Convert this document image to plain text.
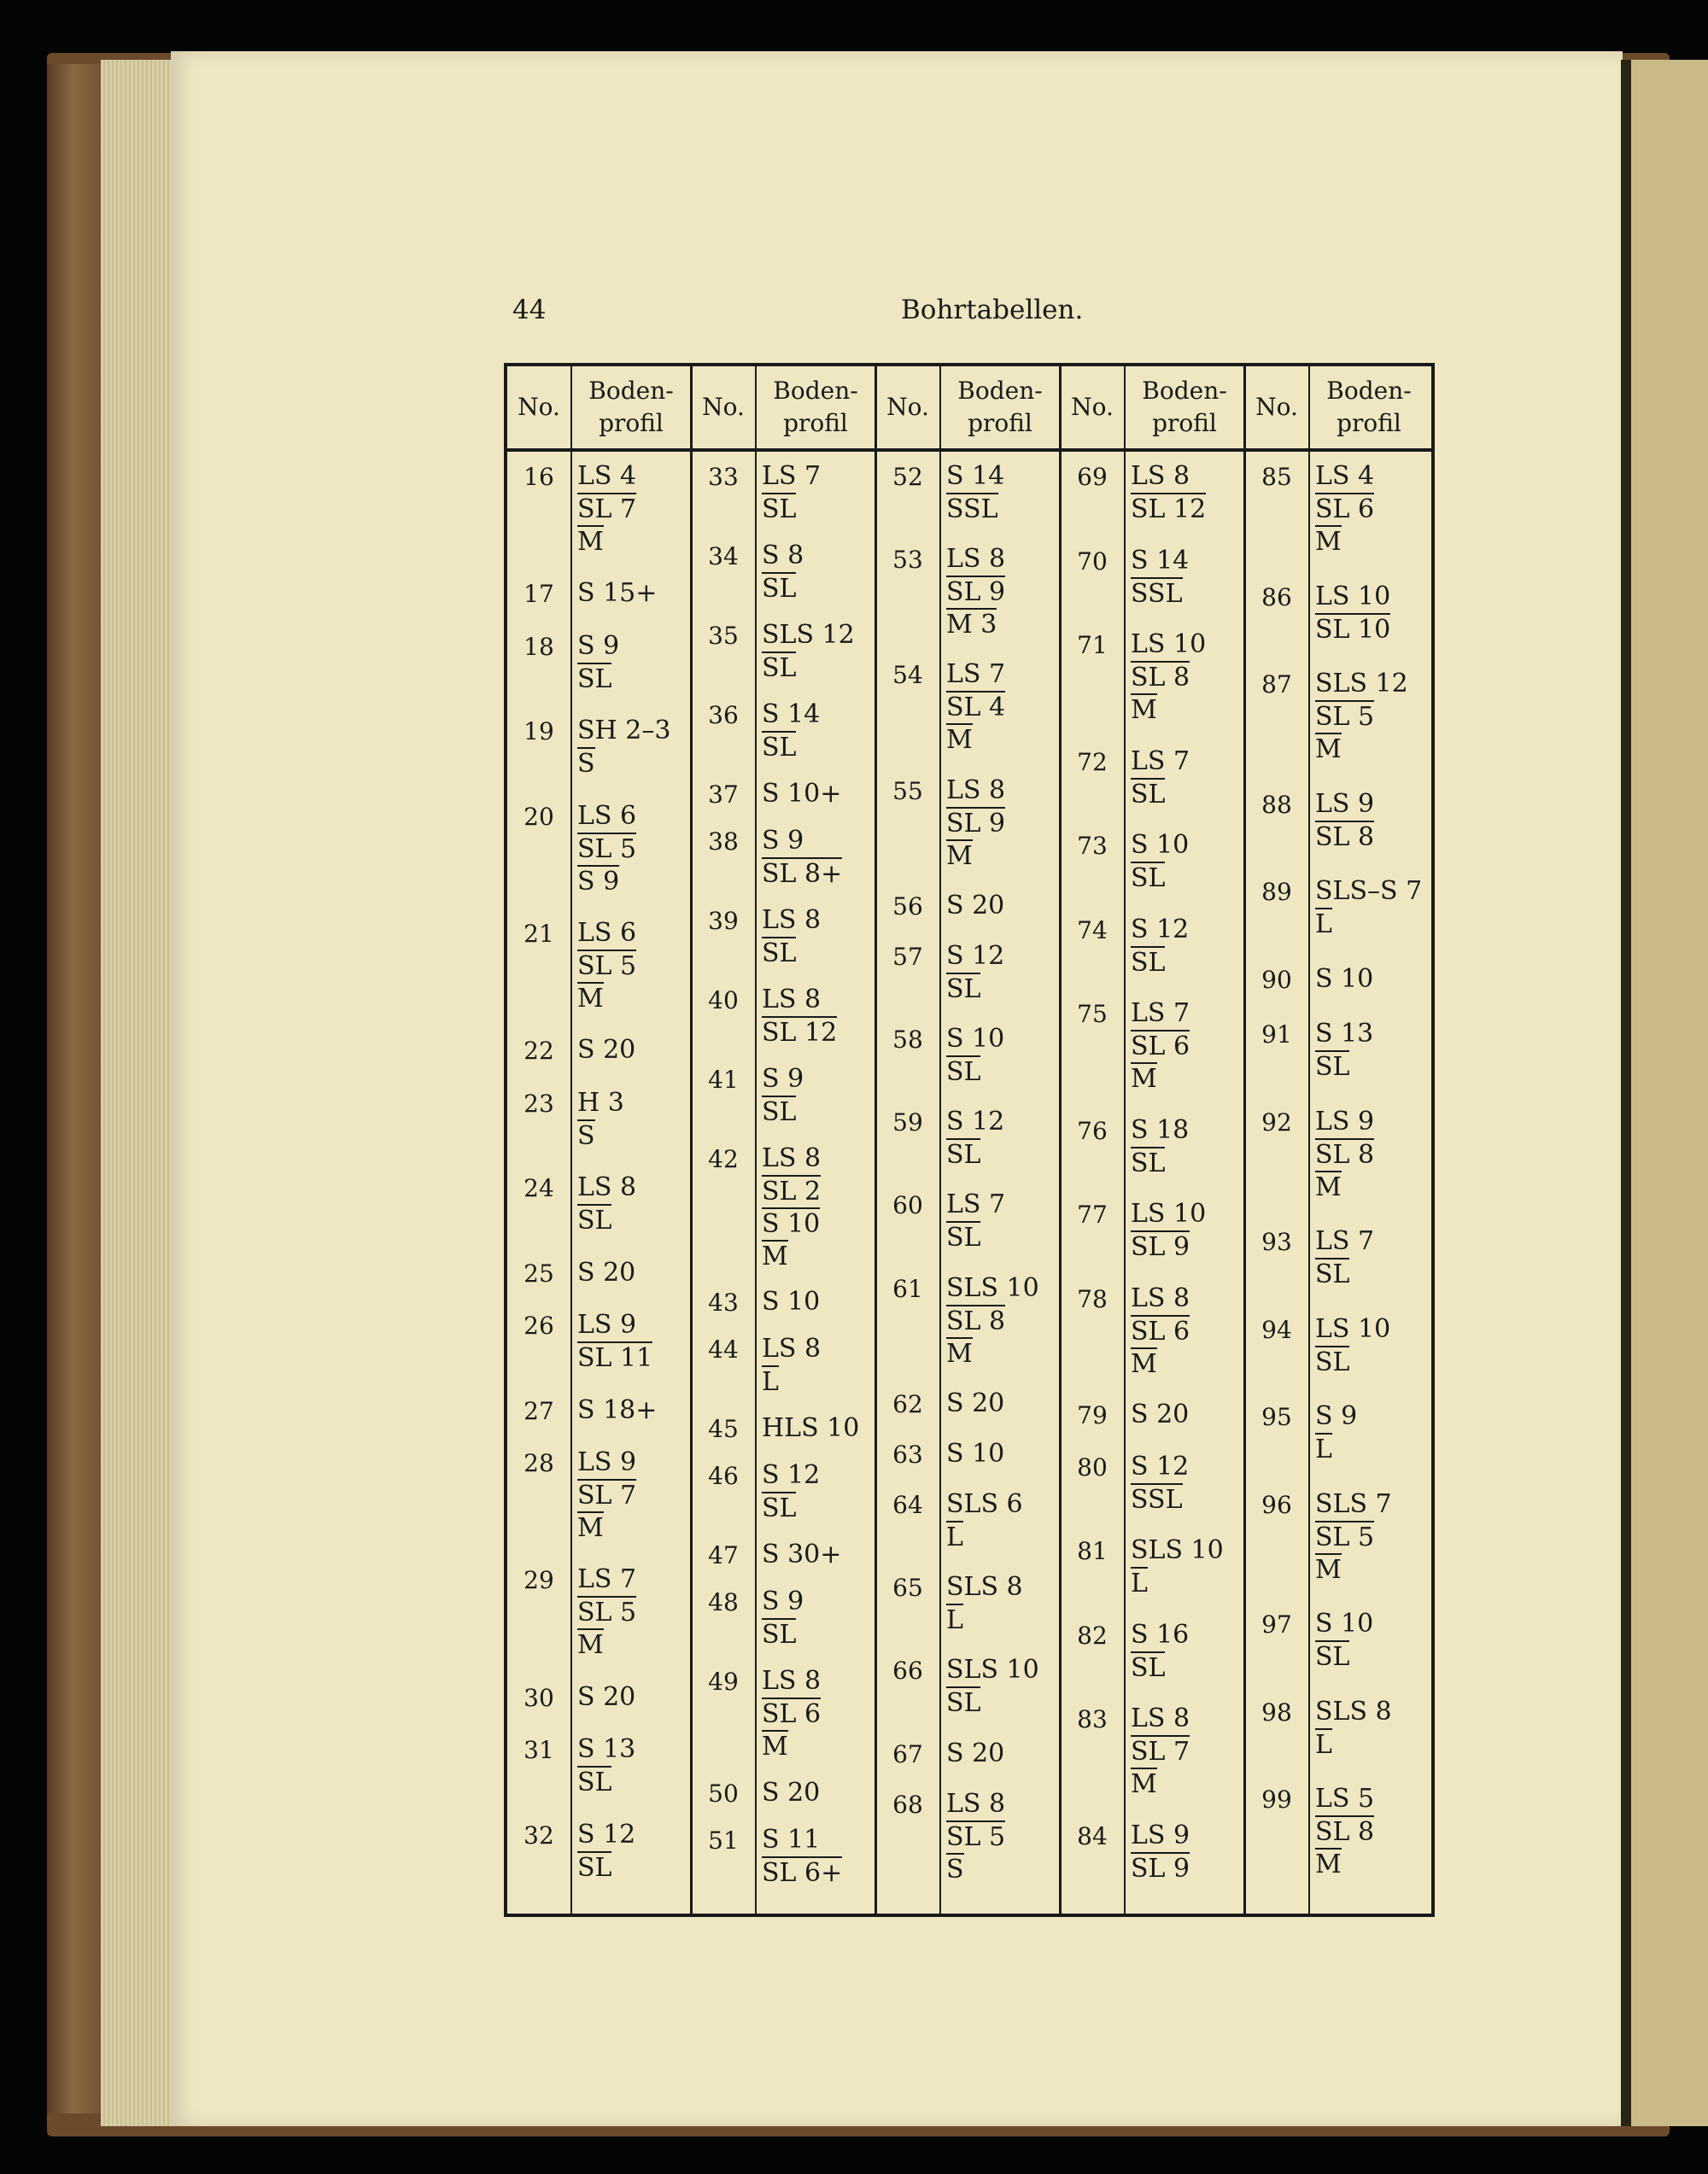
44	Bohrtabellen.
No.
Boden-
profil
No.
Boden-
profil
No.
Boden-
profil
No.
Boden-
profil
No.
Boden-
profil
16 LS 4
SL 7
M
17 S 15+
18 S 9
SL
19 SH 2–3
S
20 LS 6
SL 5
S 9
21 LS 6
SL 5
M
22 S 20
23 H 3
S
24 LS 8
SL
25 S 20
26 LS 9
SL 11
27 S 18+
28 LS 9
SL 7
M
29 LS 7
SL 5
M
30 S 20
31 S 13
SL
32 S 12
SL
33 LS 7
SL
34 S 8
SL
35 SLS 12
SL
36 S 14
SL
37 S 10+
38 S 9
SL 8+
39 LS 8
SL
40 LS 8
SL 12
41 S 9
SL
42 LS 8
SL 2
S 10
M
43 S 10
44 LS 8
L
45 HLS 10
46 S 12
SL
47 S 30+
48 S 9
SL
49 LS 8
SL 6
M
50 S 20
51 S 11
SL 6+
52 S 14
SSL
53 LS 8
SL 9
M 3
54 LS 7
SL 4
M
55 LS 8
SL 9
M
56 S 20
57 S 12
SL
58 S 10
SL
59 S 12
SL
60 LS 7
SL
61 SLS 10
SL 8
M
62 S 20
63 S 10
64 SLS 6
L
65 SLS 8
L
66 SLS 10
SL
67 S 20
68 LS 8
SL 5
S
69 LS 8
SL 12
70 S 14
SSL
71 LS 10
SL 8
M
72 LS 7
SL
73 S 10
SL
74 S 12
SL
75 LS 7
SL 6
M
76 S 18
SL
77 LS 10
SL 9
78 LS 8
SL 6
M
79 S 20
80 S 12
SSL
81 SLS 10
L
82 S 16
SL
83 LS 8
SL 7
M
84 LS 9
SL 9
85 LS 4
SL 6
M
86 LS 10
SL 10
87 SLS 12
SL 5
M
88 LS 9
SL 8
89 SLS–S 7
L
90 S 10
91 S 13
SL
92 LS 9
SL 8
M
93 LS 7
SL
94 LS 10
SL
95 S 9
L
96 SLS 7
SL 5
M
97 S 10
SL
98 SLS 8
L
99 LS 5
SL 8
M
